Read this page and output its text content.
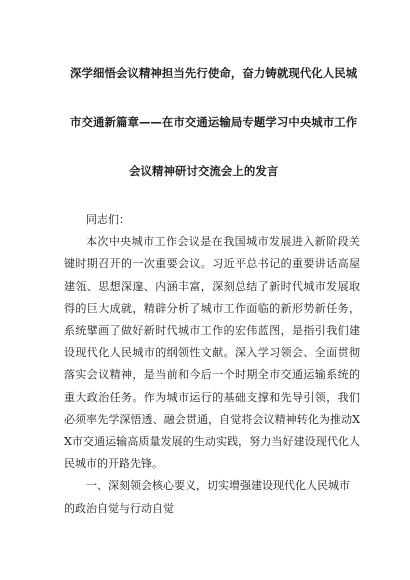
深学细悟会议精神担当先行使命，奋力铸就现代化人民城

市交通新篇章——在市交通运输局专题学习中央城市工作

会议精神研讨交流会上的发言

同志们：

本次中央城市工作会议是在我国城市发展进入新阶段关键时期召开的一次重要会议。习近平总书记的重要讲话高屋建瓴、思想深邃、内涵丰富，深刻总结了新时代城市发展取得的巨大成就，精辟分析了城市工作面临的新形势新任务，系统擘画了做好新时代城市工作的宏伟蓝图，是指引我们建设现代化人民城市的纲领性文献。深入学习领会、全面贯彻落实会议精神，是当前和今后一个时期全市交通运输系统的重大政治任务。作为城市运行的基础支撑和先导引领，我们必须率先学深悟透、融会贯通，自觉将会议精神转化为推动XX市交通运输高质量发展的生动实践，努力当好建设现代化人民城市的开路先锋。

一、深刻领会核心要义，切实增强建设现代化人民城市的政治自觉与行动自觉
